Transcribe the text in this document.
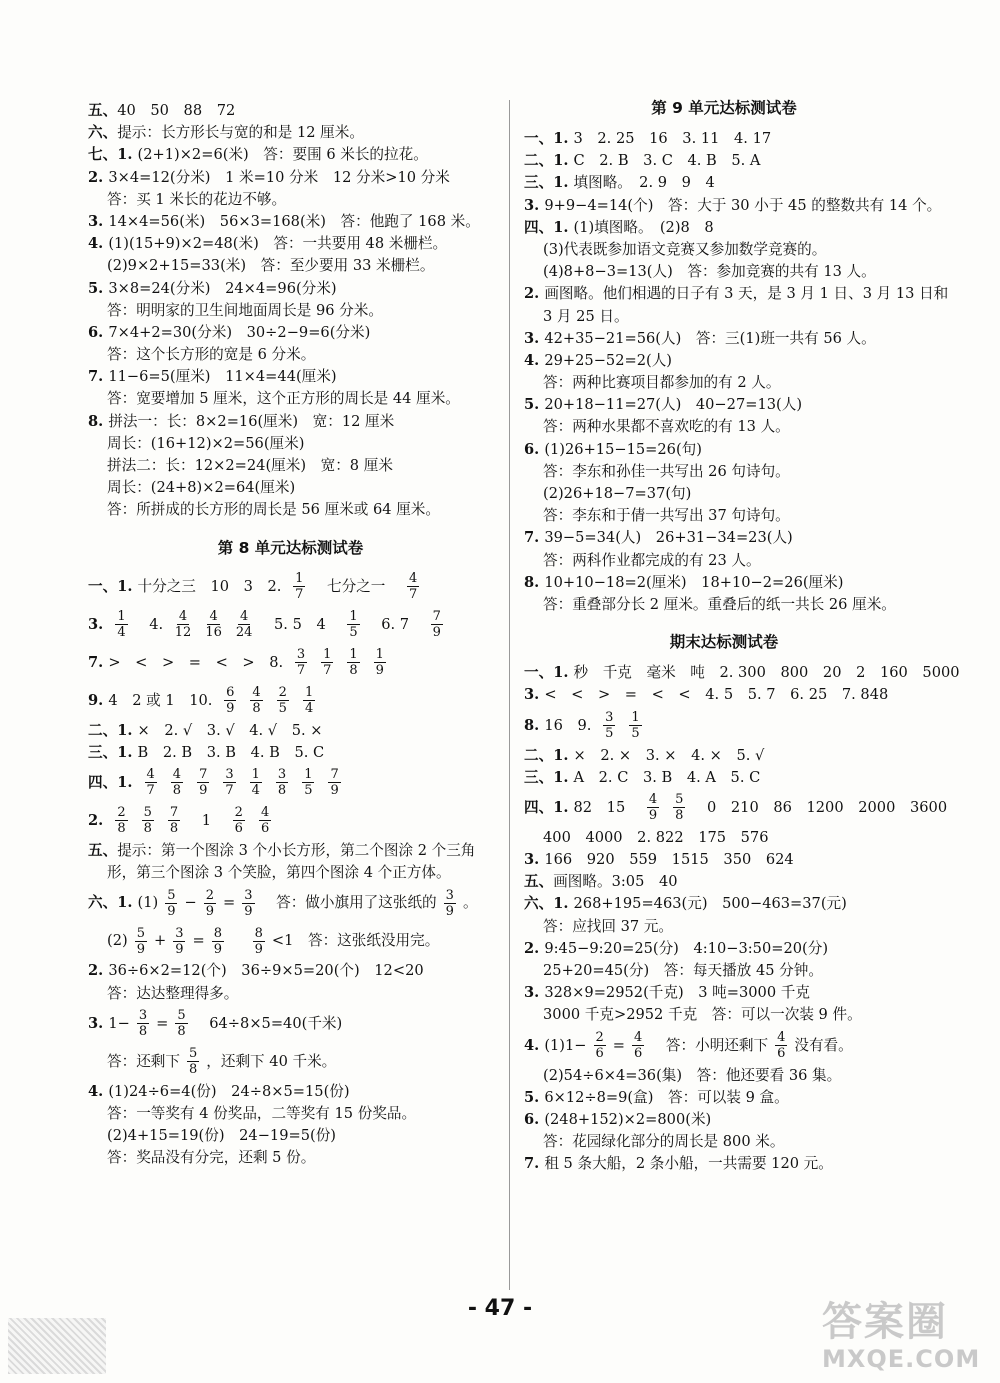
五、40　50　88　72
六、提示：长方形长与宽的和是 12 厘米。
七、1. (2+1)×2=6(米)　答：要围 6 米长的拉花。
2. 3×4=12(分米)　1 米=10 分米　12 分米>10 分米
答：买 1 米长的花边不够。
3. 14×4=56(米)　56×3=168(米)　答：他跑了 168 米。
4. (1)(15+9)×2=48(米)　答：一共要用 48 米栅栏。
(2)9×2+15=33(米)　答：至少要用 33 米栅栏。
5. 3×8=24(分米)　24×4=96(分米)
答：明明家的卫生间地面周长是 96 分米。
6. 7×4+2=30(分米)　30÷2−9=6(分米)
答：这个长方形的宽是 6 分米。
7. 11−6=5(厘米)　11×4=44(厘米)
答：宽要增加 5 厘米，这个正方形的周长是 44 厘米。
8. 拼法一：长：8×2=16(厘米)　宽：12 厘米
周长：(16+12)×2=56(厘米)
拼法二：长：12×2=24(厘米)　宽：8 厘米
周长：(24+8)×2=64(厘米)
答：所拼成的长方形的周长是 56 厘米或 64 厘米。
第 8 单元达标测试卷
一、1. 十分之三　10　3　2. $\frac{1}{7}$ 　七分之一　 $\frac{4}{7}$
3. $\frac{1}{4}$ 　4. $\frac{4}{12} \frac{4}{16} \frac{4}{24}$ 　5. 5　4　 $\frac{1}{5}$ 　6. 7　 $\frac{7}{9}$
7. >　<　>　=　<　>　8. $\frac{3}{7} \frac{1}{7} \frac{1}{8} \frac{1}{9}$
9. 4　2 或 1　10. $\frac{6}{9} \frac{4}{8} \frac{2}{5} \frac{1}{4}$
二、1. ×　2. √　3. √　4. √　5. ×
三、1. B　2. B　3. B　4. B　5. C
四、1. $\frac{4}{7} \frac{4}{8} \frac{7}{9} \frac{3}{7} \frac{1}{4} \frac{3}{8} \frac{1}{5} \frac{7}{9}$
2. $\frac{2}{8} \frac{5}{8} \frac{7}{8}$ 　1　 $\frac{2}{6} \frac{4}{6}$
五、提示：第一个图涂 3 个小长方形，第二个图涂 2 个三角
形，第三个图涂 3 个笑脸，第四个图涂 4 个正方体。
六、1. $(1) \frac{5}{9} - \frac{2}{9} = \frac{3}{9}$ 　答：做小旗用了这张纸的 $\frac{3}{9}$ 。
$(2) \frac{5}{9} + \frac{3}{9} = \frac{8}{9}$
　 $\frac{8}{9} <1$　答：这张纸没用完。
2. 36÷6×2=12(个)　36÷9×5=20(个)　12<20
答：达达整理得多。
3. $1- \frac{3}{8} = \frac{5}{8}$ 　64÷8×5=40(千米)
答：还剩下 $\frac{5}{8}$ ，还剩下 40 千米。
4. (1)24÷6=4(份)　24÷8×5=15(份)
答：一等奖有 4 份奖品，二等奖有 15 份奖品。
(2)4+15=19(份)　24−19=5(份)
答：奖品没有分完，还剩 5 份。
第 9 单元达标测试卷
一、1. 3　2. 25　16　3. 11　4. 17
二、1. C　2. B　3. C　4. B　5. A
三、1. 填图略。　2. 9　9　4
3. 9+9−4=14(个)　答：大于 30 小于 45 的整数共有 14 个。
四、1. (1)填图略。　(2)8　8
(3)代表既参加语文竞赛又参加数学竞赛的。
(4)8+8−3=13(人)　答：参加竞赛的共有 13 人。
2. 画图略。他们相遇的日子有 3 天，是 3 月 1 日、3 月 13 日和
3 月 25 日。
3. 42+35−21=56(人)　答：三(1)班一共有 56 人。
4. 29+25−52=2(人)
答：两种比赛项目都参加的有 2 人。
5. 20+18−11=27(人)　40−27=13(人)
答：两种水果都不喜欢吃的有 13 人。
6. (1)26+15−15=26(句)
答：李东和孙佳一共写出 26 句诗句。
(2)26+18−7=37(句)
答：李东和于倩一共写出 37 句诗句。
7. 39−5=34(人)　26+31−34=23(人)
答：两科作业都完成的有 23 人。
8. 10+10−18=2(厘米)　18+10−2=26(厘米)
答：重叠部分长 2 厘米。重叠后的纸一共长 26 厘米。
期末达标测试卷
一、1. 秒　千克　毫米　吨　2. 300　800　20　2　160　5000
3. <　<　>　=　<　<　4. 5　5. 7　6. 25　7. 848
8. 16　9. $\frac{3}{5} \frac{1}{5}$
二、1. ×　2. ×　3. ×　4. ×　5. √
三、1. A　2. C　3. B　4. A　5. C
四、1. 82　15　 $\frac{4}{9} \frac{5}{8}$ 　0　210　86　1200　2000　3600
400　4000　2. 822　175　576
3. 166　920　559　1515　350　624
五、画图略。3:05　40
六、1. 268+195=463(元)　500−463=37(元)
答：应找回 37 元。
2. 9:45−9:20=25(分)　4:10−3:50=20(分)
25+20=45(分)　答：每天播放 45 分钟。
3. 328×9=2952(千克)　3 吨=3000 千克
3000 千克>2952 千克　答：可以一次装 9 件。
4. $(1)1- \frac{2}{6} = \frac{4}{6}$ 　答：小明还剩下 $\frac{4}{6}$ 没有看。
(2)54÷6×4=36(集)　答：他还要看 36 集。
5. 6×12÷8=9(盒)　答：可以装 9 盒。
6. (248+152)×2=800(米)
答：花园绿化部分的周长是 800 米。
7. 租 5 条大船，2 条小船，一共需要 120 元。
- 47 -	答案圈
MXQE.COM
